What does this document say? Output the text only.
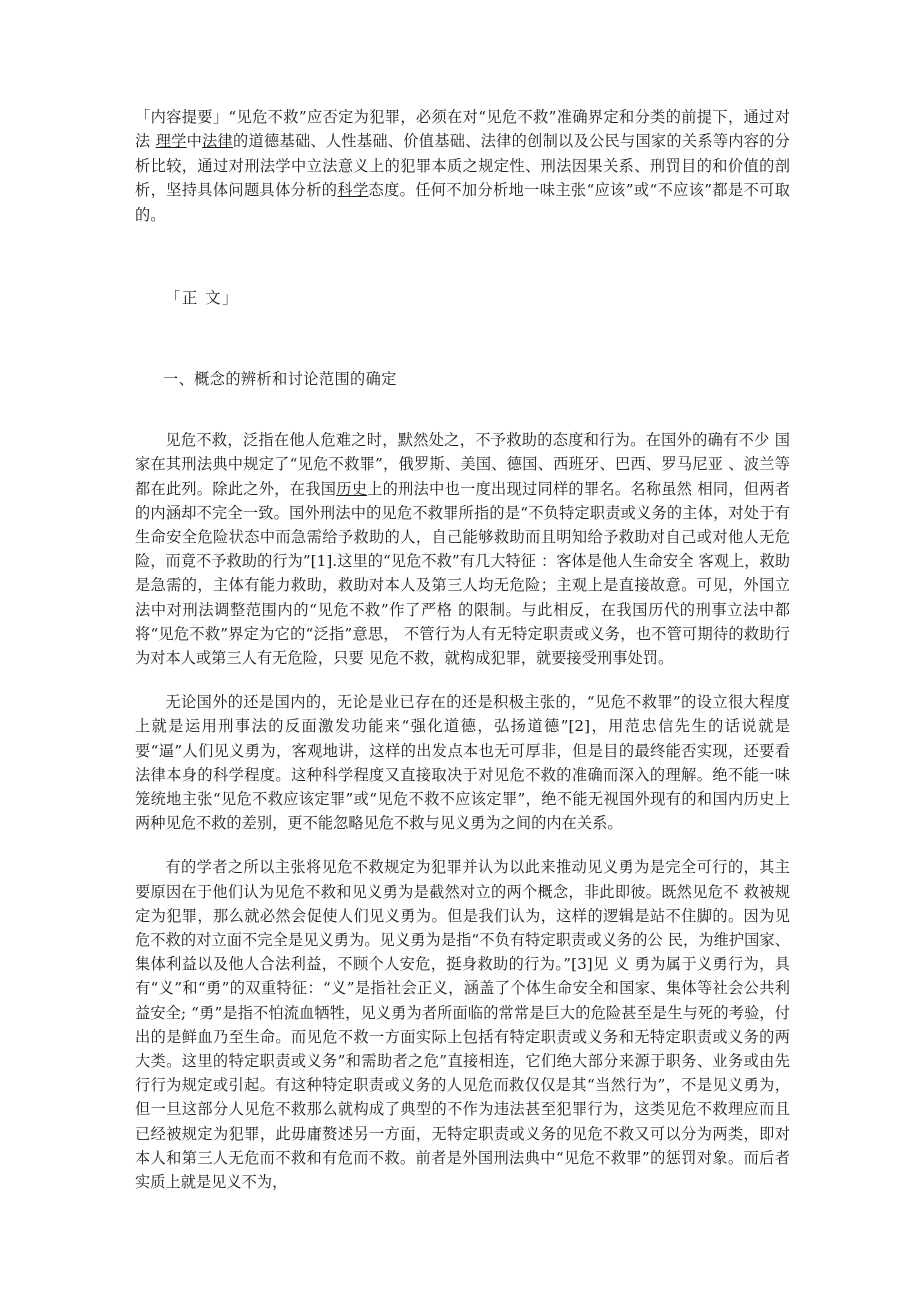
「内容提要」“见危不救”应否定为犯罪，必须在对“见危不救”准确界定和分类的前提下，通过对法 理学中法律的道德基础、人性基础、价值基础、法律的创制以及公民与国家的关系等内容的分析比较，通过对刑法学中立法意义上的犯罪本质之规定性、刑法因果关系、刑罚目的和价值的剖析，坚持具体问题具体分析的科学态度。任何不加分析地一味主张“应该”或“不应该”都是不可取的。

「正 文」

一、概念的辨析和讨论范围的确定

见危不救，泛指在他人危难之时，默然处之，不予救助的态度和行为。在国外的确有不少 国家在其刑法典中规定了“见危不救罪”，俄罗斯、美国、德国、西班牙、巴西、罗马尼亚 、波兰等都在此列。除此之外，在我国历史上的刑法中也一度出现过同样的罪名。名称虽然 相同，但两者的内涵却不完全一致。国外刑法中的见危不救罪所指的是“不负特定职责或义务的主体，对处于有生命安全危险状态中而急需给予救助的人，自己能够救助而且明知给予救助对自己或对他人无危险，而竟不予救助的行为”[1].这里的“见危不救”有几大特征 ：客体是他人生命安全 客观上，救助是急需的，主体有能力救助，救助对本人及第三人均无危险；主观上是直接故意。可见，外国立法中对刑法调整范围内的“见危不救”作了严格 的限制。与此相反，在我国历代的刑事立法中都将“见危不救”界定为它的“泛指”意思， 不管行为人有无特定职责或义务，也不管可期待的救助行为对本人或第三人有无危险，只要 见危不救，就构成犯罪，就要接受刑事处罚。

无论国外的还是国内的，无论是业已存在的还是积极主张的，“见危不救罪”的设立很大程度上就是运用刑事法的反面激发功能来“强化道德，弘扬道德”[2]，用范忠信先生的话说就是要“逼”人们见义勇为，客观地讲，这样的出发点本也无可厚非，但是目的最终能否实现，还要看法律本身的科学程度。这种科学程度又直接取决于对见危不救的准确而深入的理解。绝不能一味笼统地主张“见危不救应该定罪”或“见危不救不应该定罪”，绝不能无视国外现有的和国内历史上两种见危不救的差别，更不能忽略见危不救与见义勇为之间的内在关系。

有的学者之所以主张将见危不救规定为犯罪并认为以此来推动见义勇为是完全可行的，其主要原因在于他们认为见危不救和见义勇为是截然对立的两个概念，非此即彼。既然见危不 救被规定为犯罪，那么就必然会促使人们见义勇为。但是我们认为，这样的逻辑是站不住脚的。因为见危不救的对立面不完全是见义勇为。见义勇为是指“不负有特定职责或义务的公 民，为维护国家、集体利益以及他人合法利益，不顾个人安危，挺身救助的行为。”[3]见 义 勇为属于义勇行为，具有“义”和“勇”的双重特征：“义”是指社会正义，涵盖了个体生命安全和国家、集体等社会公共利益安全; “勇”是指不怕流血牺牲，见义勇为者所面临的常常是巨大的危险甚至是生与死的考验，付出的是鲜血乃至生命。而见危不救一方面实际上包括有特定职责或义务和无特定职责或义务的两大类。这里的特定职责或义务”和需助者之危”直接相连，它们绝大部分来源于职务、业务或由先行行为规定或引起。有这种特定职责或义务的人见危而救仅仅是其“当然行为”，不是见义勇为，但一旦这部分人见危不救那么就构成了典型的不作为违法甚至犯罪行为，这类见危不救理应而且已经被规定为犯罪，此毋庸赘述另一方面，无特定职责或义务的见危不救又可以分为两类，即对本人和第三人无危而不救和有危而不救。前者是外国刑法典中“见危不救罪”的惩罚对象。而后者实质上就是见义不为，
